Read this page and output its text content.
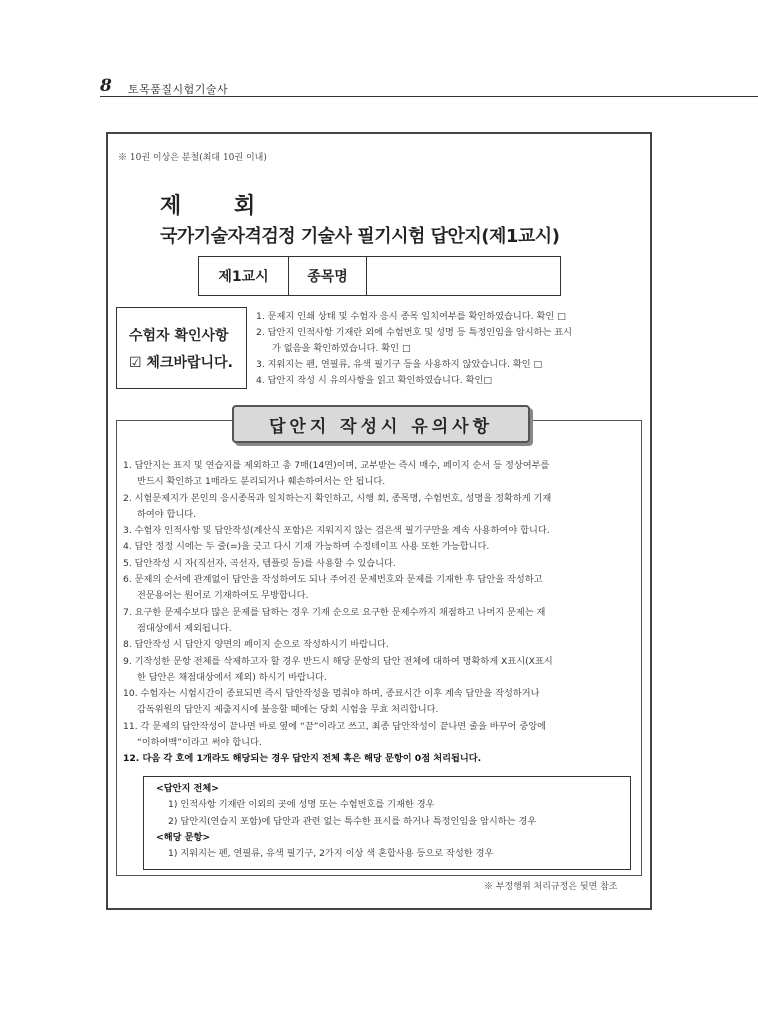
8 토목품질시험기술사
※ 10권 이상은 분철(최대 10권 이내)
제 회
국가기술자격검정 기술사 필기시험 답안지(제1교시)
제1교시	종목명
수험자 확인사항
☑ 체크바랍니다.
1. 문제지 인쇄 상태 및 수험자 응시 종목 일치여부를 확인하였습니다. 확인 □
2. 답안지 인적사항 기재란 외에 수험번호 및 성명 등 특정인임을 암시하는 표시
가 없음을 확인하였습니다. 확인 □
3. 지워지는 펜, 연필류, 유색 필기구 등을 사용하지 않았습니다. 확인 □
4. 답안지 작성 시 유의사항을 읽고 확인하였습니다. 확인□
답안지 작성시 유의사항
1. 답안지는 표지 및 연습지를 제외하고 총 7매(14면)이며, 교부받는 즉시 매수, 페이지 순서 등 정상여부를
반드시 확인하고 1매라도 분리되거나 훼손하여서는 안 됩니다.
2. 시험문제지가 본인의 응시종목과 일치하는지 확인하고, 시행 회, 종목명, 수험번호, 성명을 정확하게 기재
하여야 합니다.
3. 수험자 인적사항 및 답안작성(계산식 포함)은 지워지지 않는 검은색 필기구만을 계속 사용하여야 합니다.
4. 답안 정정 시에는 두 줄(=)을 긋고 다시 기재 가능하며 수정테이프 사용 또한 가능합니다.
5. 답안작성 시 자(직선자, 곡선자, 템플릿 등)를 사용할 수 있습니다.
6. 문제의 순서에 관계없이 답안을 작성하여도 되나 주어진 문제번호와 문제를 기재한 후 답안을 작성하고
전문용어는 원어로 기재하여도 무방합니다.
7. 요구한 문제수보다 많은 문제를 답하는 경우 기재 순으로 요구한 문제수까지 채점하고 나머지 문제는 재
점대상에서 제외됩니다.
8. 답안작성 시 답안지 양면의 페이지 순으로 작성하시기 바랍니다.
9. 기작성한 문항 전체를 삭제하고자 할 경우 반드시 해당 문항의 답안 전체에 대하여 명확하게 X표시(X표시
한 답안은 채점대상에서 제외) 하시기 바랍니다.
10. 수험자는 시험시간이 종료되면 즉시 답안작성을 멈춰야 하며, 종료시간 이후 계속 답안을 작성하거나
감독위원의 답안지 제출지시에 불응할 때에는 당회 시험을 무효 처리합니다.
11. 각 문제의 답안작성이 끝나면 바로 옆에 “끝”이라고 쓰고, 최종 답안작성이 끝나면 줄을 바꾸어 중앙에
“이하여백”이라고 써야 합니다.
12. 다음 각 호에 1개라도 해당되는 경우 답안지 전체 혹은 해당 문항이 0점 처리됩니다.
<답안지 전체>
1) 인적사항 기재란 이외의 곳에 성명 또는 수험번호를 기재한 경우
2) 답안지(연습지 포함)에 답안과 관련 없는 특수한 표시를 하거나 특정인임을 암시하는 경우
<해당 문항>
1) 지워지는 펜, 연필류, 유색 필기구, 2가지 이상 색 혼합사용 등으로 작성한 경우
※ 부정행위 처리규정은 뒷면 참조
